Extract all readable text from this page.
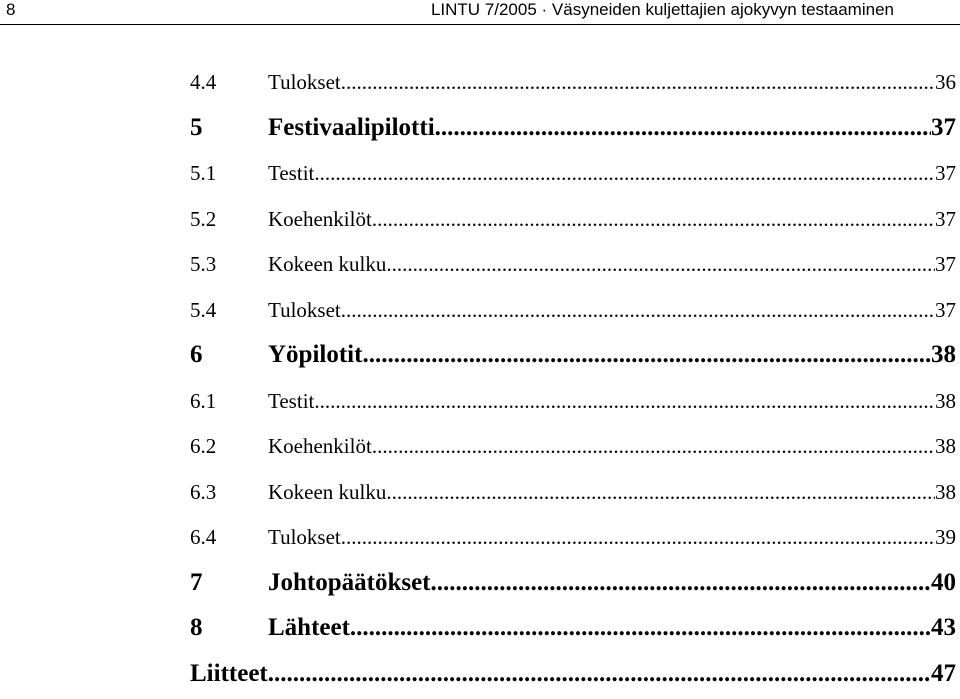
8	LINTU 7/2005 · Väsyneiden kuljettajien ajokyvyn testaaminen
4.4	Tulokset .....	36
5	Festivaalipilotti .....	37
5.1	Testit .....	37
5.2	Koehenkilöt .....	37
5.3	Kokeen kulku .....	37
5.4	Tulokset .....	37
6	Yöpilotit .....	38
6.1	Testit .....	38
6.2	Koehenkilöt .....	38
6.3	Kokeen kulku .....	38
6.4	Tulokset .....	39
7	Johtopäätökset .....	40
8	Lähteet .....	43
Liitteet .....	47
